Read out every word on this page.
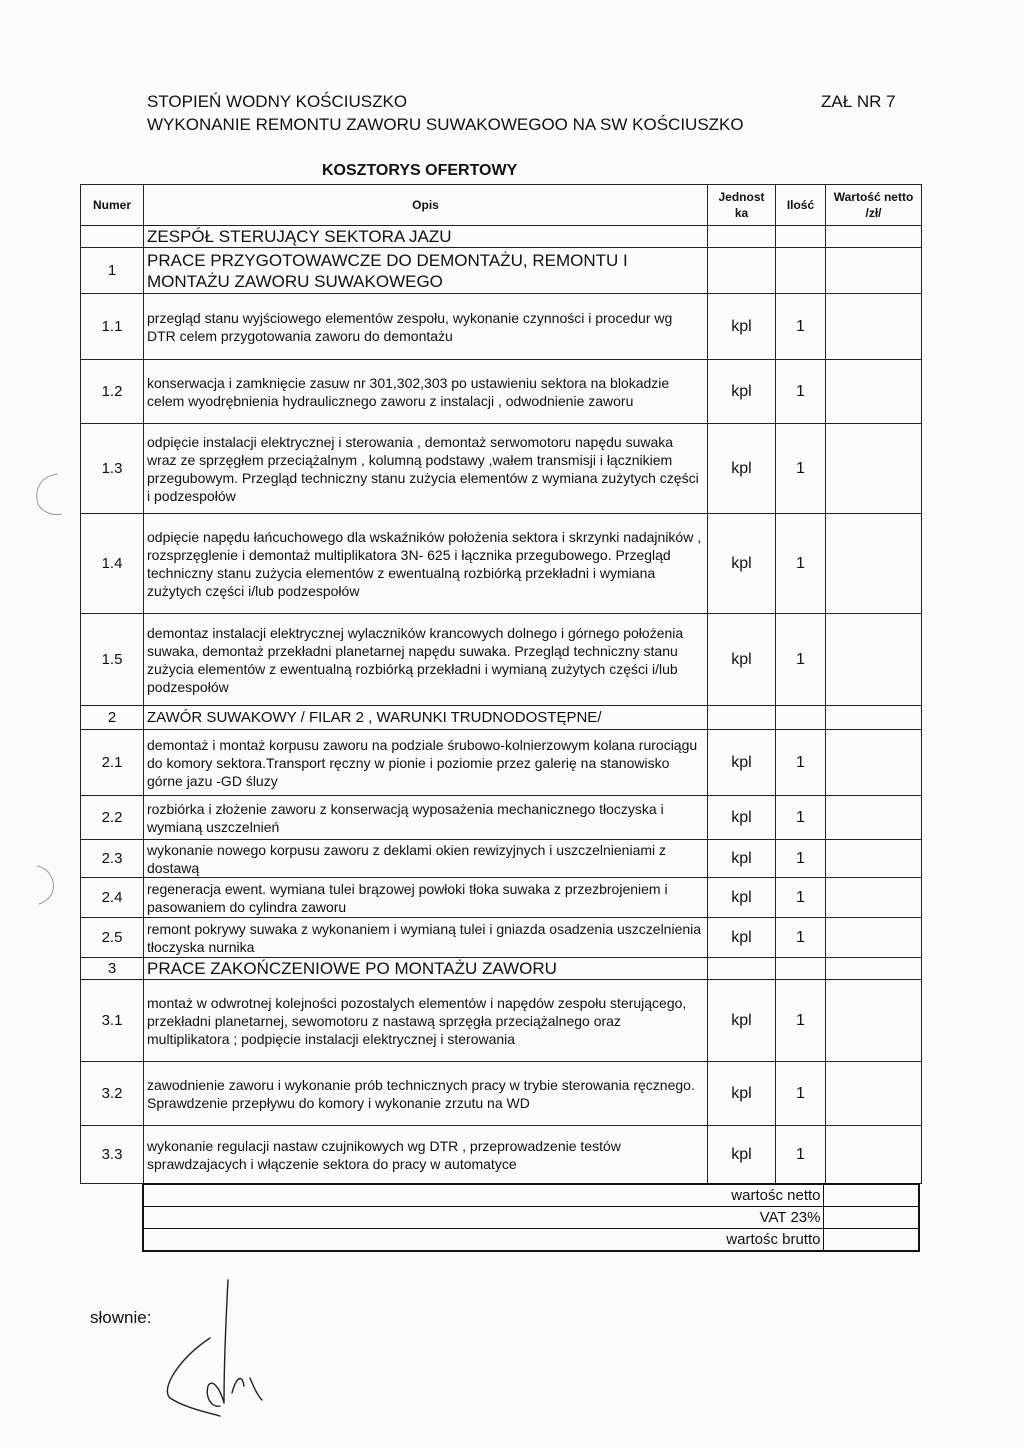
STOPIEŃ WODNY KOŚCIUSZKO
WYKONANIE REMONTU ZAWORU SUWAKOWEGOO NA SW KOŚCIUSZKO
ZAŁ NR 7
KOSZTORYS OFERTOWY
Numer	Opis	Jednost ka	Ilość	Wartość netto /zł/
	ZESPÓŁ STERUJĄCY SEKTORA JAZU			
1	PRACE PRZYGOTOWAWCZE DO DEMONTAŻU, REMONTU I MONTAŻU ZAWORU SUWAKOWEGO			
1.1	przegląd stanu wyjściowego elementów zespołu, wykonanie czynności i procedur wg DTR celem przygotowania zaworu do demontażu	kpl	1	
1.2	konserwacja i zamknięcie zasuw nr 301,302,303 po ustawieniu sektora na blokadzie celem wyodrębnienia hydraulicznego zaworu z instalacji , odwodnienie zaworu	kpl	1	
1.3	odpięcie instalacji elektrycznej i sterowania , demontaż serwomotoru napędu suwaka wraz ze sprzęgłem przeciążalnym , kolumną podstawy ,wałem transmisji i łącznikiem przegubowym. Przegląd techniczny stanu zużycia elementów z wymiana zużytych części i podzespołów	kpl	1	
1.4	odpięcie napędu łańcuchowego dla wskaźników położenia sektora i skrzynki nadajników , rozsprzęglenie i demontaż multiplikatora 3N- 625 i łącznika przegubowego. Przegląd techniczny stanu zużycia elementów z ewentualną rozbiórką przekładni i wymiana zużytych części i/lub podzespołów	kpl	1	
1.5	demontaz instalacji elektrycznej wylaczników krancowych dolnego i górnego położenia suwaka, demontaż przekładni planetarnej napędu suwaka. Przegląd techniczny stanu zużycia elementów z ewentualną rozbiórką przekładni i wymianą zużytych części i/lub podzespołów	kpl	1	
2	ZAWÓR SUWAKOWY / FILAR 2 , WARUNKI TRUDNODOSTĘPNE/			
2.1	demontaż i montaż korpusu zaworu na podziale śrubowo-kolnierzowym kolana rurociągu do komory sektora.Transport ręczny w pionie i poziomie przez galerię na stanowisko górne jazu -GD śluzy	kpl	1	
2.2	rozbiórka i złożenie zaworu z konserwacją wyposażenia mechanicznego tłoczyska i wymianą uszczelnień	kpl	1	
2.3	wykonanie nowego korpusu zaworu z deklami okien rewizyjnych i uszczelnieniami z dostawą	kpl	1	
2.4	regeneracja ewent. wymiana tulei brązowej powłoki tłoka suwaka z przezbrojeniem i pasowaniem do cylindra zaworu	kpl	1	
2.5	remont pokrywy suwaka z wykonaniem i wymianą tulei i gniazda osadzenia uszczelnienia tłoczyska nurnika	kpl	1	
3	PRACE ZAKOŃCZENIOWE PO MONTAŻU ZAWORU			
3.1	montaż w odwrotnej kolejności pozostalych elementów i napędów zespołu sterującego, przekładni planetarnej, sewomotoru z nastawą sprzęgła przeciążalnego oraz multiplikatora ; podpięcie instalacji elektrycznej i sterowania	kpl	1	
3.2	zawodnienie zaworu i wykonanie prób technicznych pracy w trybie sterowania ręcznego. Sprawdzenie przepływu do komory i wykonanie zrzutu na WD	kpl	1	
3.3	wykonanie regulacji nastaw czujnikowych wg DTR , przeprowadzenie testów sprawdzajacych i włączenie sektora do pracy w automatyce	kpl	1	
wartośc netto	
VAT 23%	
wartośc brutto	
słownie:
